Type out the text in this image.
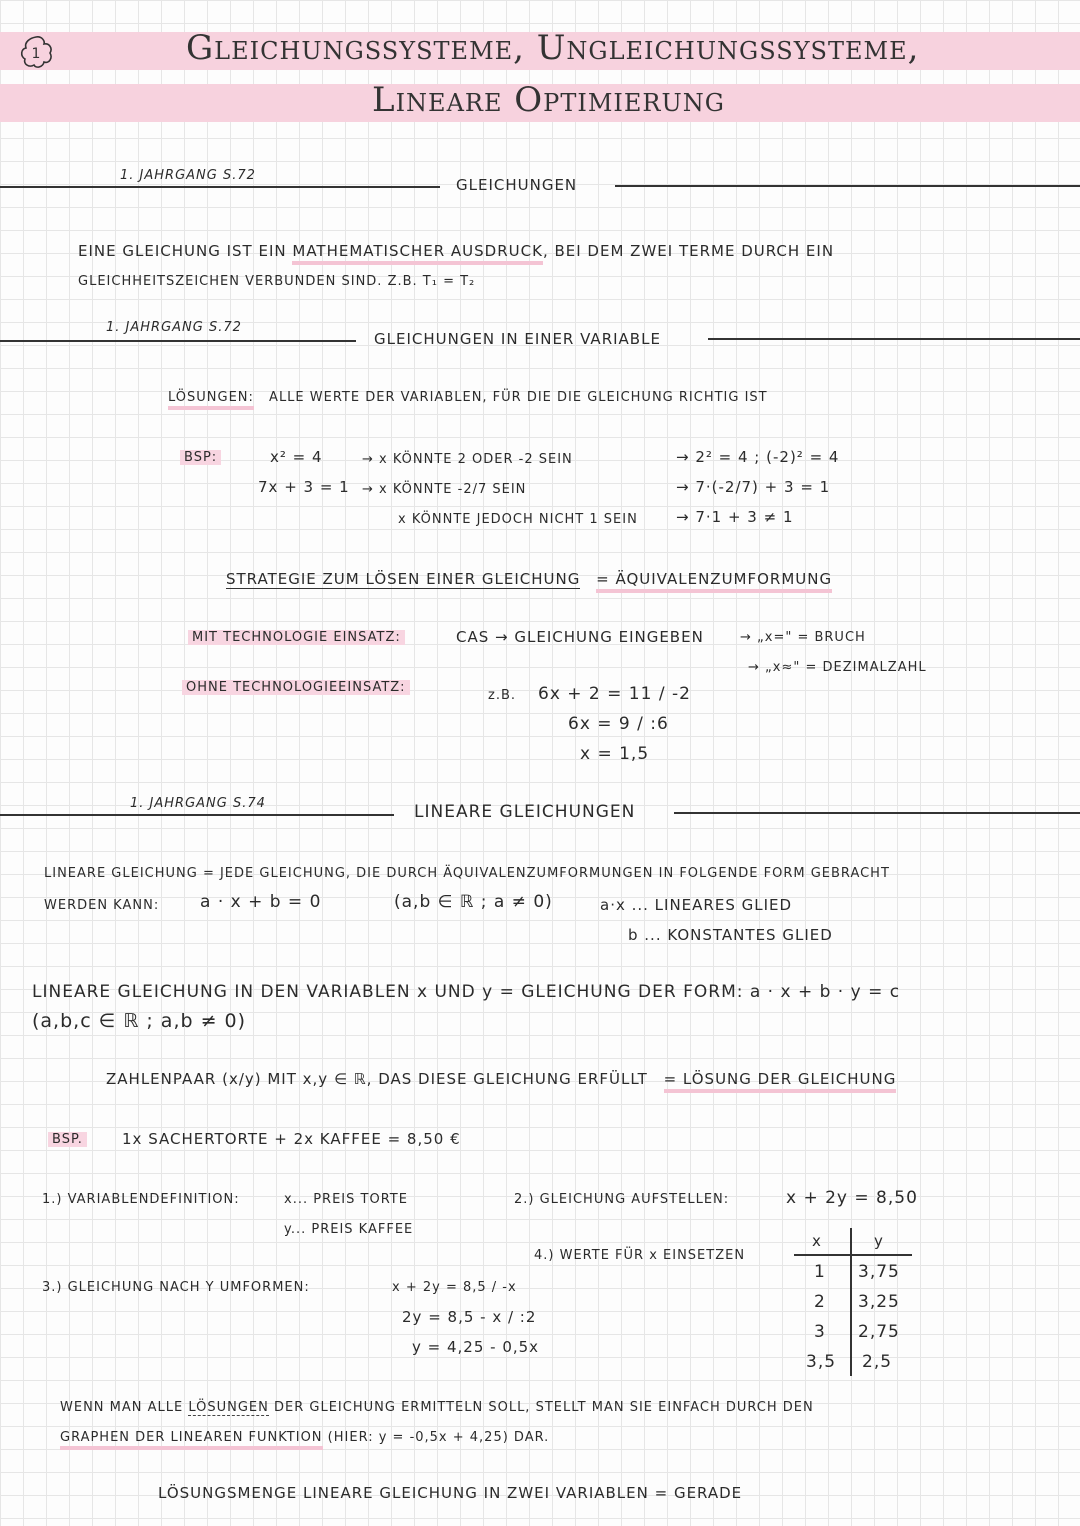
1	Gleichungssysteme, Ungleichungssysteme,
Lineare Optimierung
1. JAHRGANG S.72
GLEICHUNGEN
EINE GLEICHUNG IST EIN MATHEMATISCHER AUSDRUCK, BEI DEM ZWEI TERME DURCH EIN
GLEICHHEITSZEICHEN VERBUNDEN SIND. Z.B. T₁ = T₂
1. JAHRGANG S.72
GLEICHUNGEN IN EINER VARIABLE
LÖSUNGEN: ALLE WERTE DER VARIABLEN, FÜR DIE DIE GLEICHUNG RICHTIG IST
BSP:	x² = 4	→ x KÖNNTE 2 ODER -2 SEIN	→ 2² = 4 ; (-2)² = 4
7x + 3 = 1 → x KÖNNTE -2/7 SEIN	→ 7·(-2/7) + 3 = 1
x KÖNNTE JEDOCH NICHT 1 SEIN	→ 7·1 + 3 ≠ 1
STRATEGIE ZUM LÖSEN EINER GLEICHUNG = ÄQUIVALENZUMFORMUNG
MIT TECHNOLOGIE EINSATZ:	CAS → GLEICHUNG EINGEBEN	→ „x=" = BRUCH
→ „x≈" = DEZIMALZAHL
OHNE TECHNOLOGIEEINSATZ:
z.B. 6x + 2 = 11 / -2
6x = 9 / :6
x = 1,5
1. JAHRGANG S.74	LINEARE GLEICHUNGEN
LINEARE GLEICHUNG = JEDE GLEICHUNG, DIE DURCH ÄQUIVALENZUMFORMUNGEN IN FOLGENDE FORM GEBRACHT
WERDEN KANN: a · x + b = 0	(a,b ∈ ℝ ; a ≠ 0)	a·x ... LINEARES GLIED
b ... KONSTANTES GLIED
LINEARE GLEICHUNG IN DEN VARIABLEN x UND y = GLEICHUNG DER FORM: a · x + b · y = c
(a,b,c ∈ ℝ ; a,b ≠ 0)
ZAHLENPAAR (x/y) MIT x,y ∈ ℝ, DAS DIESE GLEICHUNG ERFÜLLT = LÖSUNG DER GLEICHUNG
BSP.	1x SACHERTORTE + 2x KAFFEE = 8,50 €
1.) VARIABLENDEFINITION:	x... PREIS TORTE
y... PREIS KAFFEE
2.) GLEICHUNG AUFSTELLEN:	x + 2y = 8,50
4.) WERTE FÜR x EINSETZEN
x	y
1 3,75
2 3,25
3 2,75
3,5 2,5
3.) GLEICHUNG NACH Y UMFORMEN:	x + 2y = 8,5 / -x
2y = 8,5 - x / :2
y = 4,25 - 0,5x
WENN MAN ALLE LÖSUNGEN DER GLEICHUNG ERMITTELN SOLL, STELLT MAN SIE EINFACH DURCH DEN
GRAPHEN DER LINEAREN FUNKTION (HIER: y = -0,5x + 4,25) DAR.
LÖSUNGSMENGE LINEARE GLEICHUNG IN ZWEI VARIABLEN = GERADE
